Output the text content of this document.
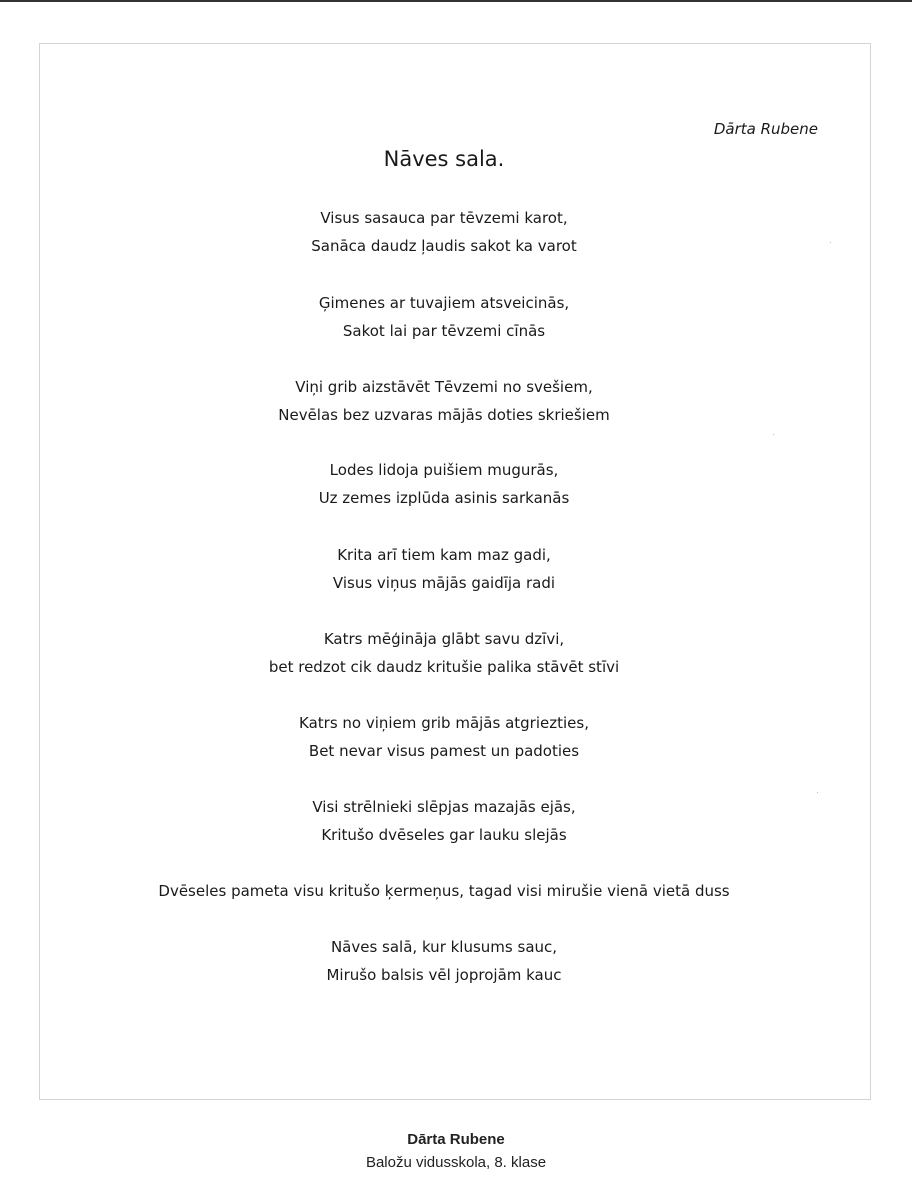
Dārta Rubene
Nāves sala.
Visus sasauca par tēvzemi karot,
Sanāca daudz ļaudis sakot ka varot
Ģimenes ar tuvajiem atsveicinās,
Sakot lai par tēvzemi cīnās
Viņi grib aizstāvēt Tēvzemi no svešiem,
Nevēlas bez uzvaras mājās doties skriešiem
Lodes lidoja puišiem mugurās,
Uz zemes izplūda asinis sarkanās
Krita arī tiem kam maz gadi,
Visus viņus mājās gaidīja radi
Katrs mēģināja glābt savu dzīvi,
bet redzot cik daudz kritušie palika stāvēt stīvi
Katrs no viņiem grib mājās atgriezties,
Bet nevar visus pamest un padoties
Visi strēlnieki slēpjas mazajās ejās,
Kritušo dvēseles gar lauku slejās
Dvēseles pameta visu kritušo ķermeņus, tagad visi mirušie vienā vietā duss
Nāves salā, kur klusums sauc,
Mirušo balsis vēl joprojām kauc
Dārta Rubene
Baložu vidusskola, 8. klase
